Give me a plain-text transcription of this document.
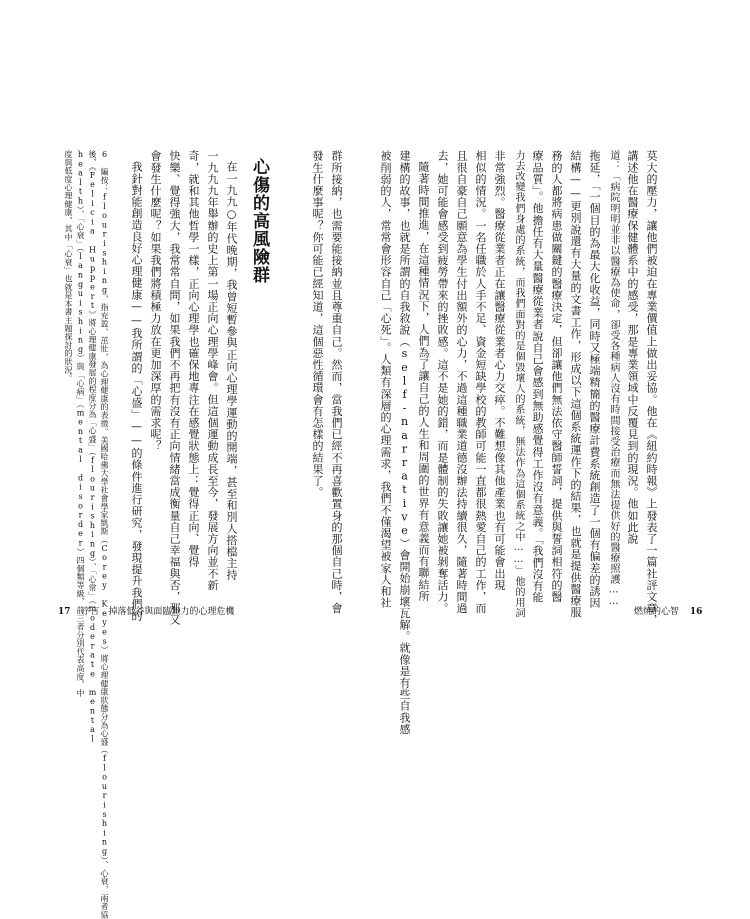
莫大的壓力，讓他們被迫在專業價值上做出妥協。他在《紐約時報》上發表了一篇社評文章，
講述他在醫療保健體系中的感受，那是專業領域中反覆見到的現況。他如此說
道：「病院明明並非以醫療為使命，卻受各種病人沒有時間接受治療而無法提供好的醫療照護……
拖延，「一個目的為最大化收益，同時又極端精簡的醫療計費系統創造了一個有偏差的誘因
結構——更別說還有大量的文書工作，形成以下這個系統運作下的結果，也就是提供醫療服
務的人都將病患做關鍵的醫療決定，但卻讓他們無法依守醫師誓詞，提供與誓詞相符的醫
療品質」。他擔任有大量醫療從業者說自己會感到無助感覺得工作沒有意義。「我們沒有能
力去改變我們身處的系統，而我們面對的是個毀壞人的系統，無法作為這個系統之中……」他的用詞
非常強烈。醫療從業者正在讓醫療從業者心力交瘁。不難想像其他產業也有可能會出現
相似的情況。一名任職於人手不足、資金短缺學校的教師可能一直都很熱愛自己的工作，而
且很自豪自己願意為學生付出額外的心力，不過這種職業道德沒辦法持續很久，隨著時間過
去，她可能會感受到疲勞帶來的挫敗感。這不是她的錯，而是體制的失敗讓她被剝奪活力。
隨著時間推進，在這種情況下，人們為了讓自己的人生和周圍的世界有意義而有聯結所
建構的故事，也就是所謂的自我敘說（self-narrative）會開始崩壞瓦解。就像是有些自我感
被削弱的人，常常會形容自己「心死」。人類有深層的心理需求，我們不僅渴望被家人和社
群所接納，也需要能接納並且尊重自己。然而，當我們已經不再喜歡置身的那個自己時，會
發生什麼事呢？你可能已經知道，這個惡性循環會有怎樣的結果了。
心傷的高風險群
在一九九○年代晚期，我曾短暫參與正向心理學運動的開端，甚至和別人搭檔主持
一九九九年舉辦的史上第一場正向心理學峰會。但這個運動成長至今，發展方向並不新
奇，就和其他哲學一樣，正向心理學也確保地專注在感覺狀態上：覺得正向、覺得
快樂、覺得強大，我常常自問，如果我們不再把有沒有正向情緒當成衡量自己幸福與否，那又
會發生什麼呢？如果我們將積極力放在更加深厚的需求呢？
我針對能創造良好心理健康——我所謂的「心盛」——的條件進行研究，發現提升我們的
6　編按：flourishing，指充盈、茁壯，為心理健康的表徵。美國哈佛大學社會學家凱斯（Corey Keyes）將心理健康狀態分為心盛（flourishing）、心衰，兩者協
後，《Felicia Huppert》將心理健康發展的程度分為「心盛」（flourishing）、「心常」（moderate mental
health）、「心衰」（languishing）與「心病」（mental disorder）四個類等級，前三者分別代表高度、中
度與低度心理健康，其中「心衰」也就是本書主題探討的狀況。
17 序言　掉落低谷與面臨無力的心理危機	燃燒的心智 16
